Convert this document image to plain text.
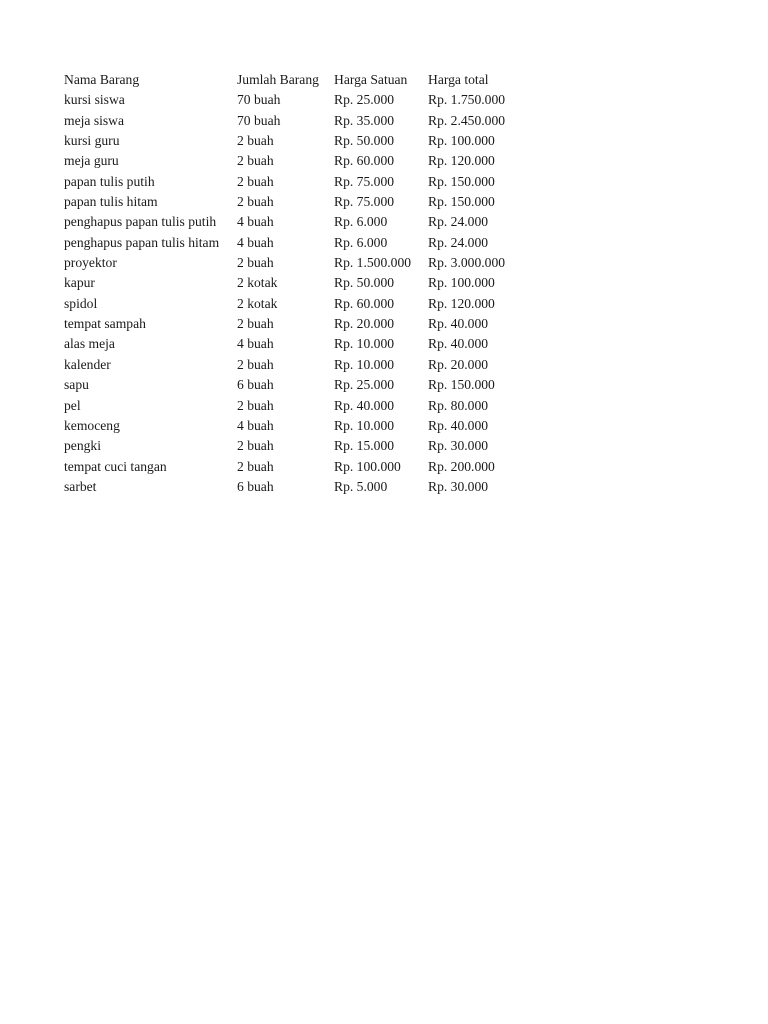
Nama Barang	Jumlah Barang	Harga Satuan	Harga total
kursi siswa	70 buah	Rp. 25.000	Rp. 1.750.000
meja siswa	70 buah	Rp. 35.000	Rp. 2.450.000
kursi guru	2 buah	Rp. 50.000	Rp. 100.000
meja guru	2 buah	Rp. 60.000	Rp. 120.000
papan tulis putih	2 buah	Rp. 75.000	Rp. 150.000
papan tulis hitam	2 buah	Rp. 75.000	Rp. 150.000
penghapus papan tulis putih	4 buah	Rp. 6.000	Rp. 24.000
penghapus papan tulis hitam	4 buah	Rp. 6.000	Rp. 24.000
proyektor	2 buah	Rp. 1.500.000	Rp. 3.000.000
kapur	2 kotak	Rp. 50.000	Rp. 100.000
spidol	2 kotak	Rp. 60.000	Rp. 120.000
tempat sampah	2 buah	Rp. 20.000	Rp. 40.000
alas meja	4 buah	Rp. 10.000	Rp. 40.000
kalender	2 buah	Rp. 10.000	Rp. 20.000
sapu	6 buah	Rp. 25.000	Rp. 150.000
pel	2 buah	Rp. 40.000	Rp. 80.000
kemoceng	4 buah	Rp. 10.000	Rp. 40.000
pengki	2 buah	Rp. 15.000	Rp. 30.000
tempat cuci tangan	2 buah	Rp. 100.000	Rp. 200.000
sarbet	6 buah	Rp. 5.000	Rp. 30.000
